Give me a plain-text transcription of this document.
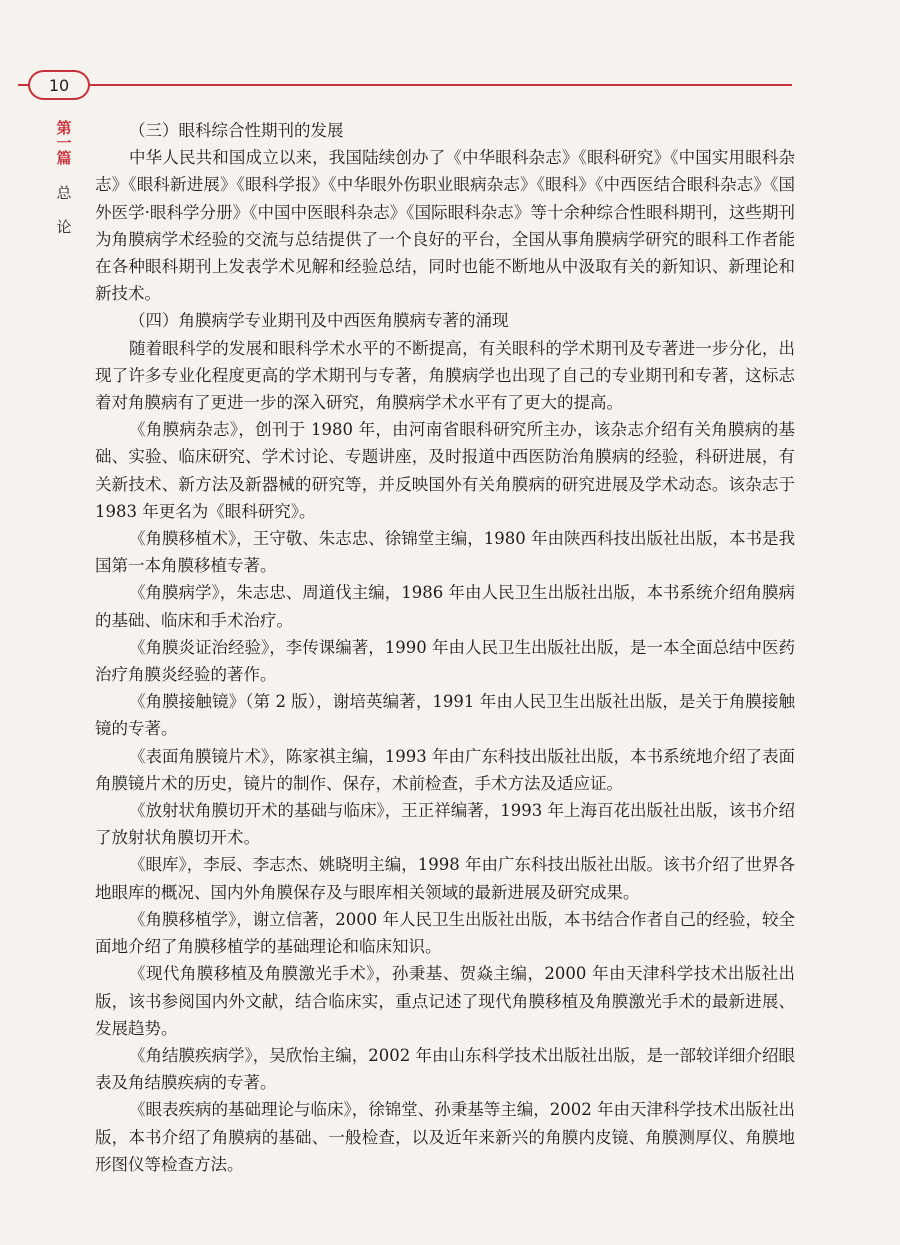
10
第一篇
总
论

（三）眼科综合性期刊的发展

中华人民共和国成立以来，我国陆续创办了《中华眼科杂志》《眼科研究》《中国实用眼科杂志》《眼科新进展》《眼科学报》《中华眼外伤职业眼病杂志》《眼科》《中西医结合眼科杂志》《国外医学·眼科学分册》《中国中医眼科杂志》《国际眼科杂志》等十余种综合性眼科期刊，这些期刊为角膜病学术经验的交流与总结提供了一个良好的平台，全国从事角膜病学研究的眼科工作者能在各种眼科期刊上发表学术见解和经验总结，同时也能不断地从中汲取有关的新知识、新理论和新技术。

（四）角膜病学专业期刊及中西医角膜病专著的涌现

随着眼科学的发展和眼科学术水平的不断提高，有关眼科的学术期刊及专著进一步分化，出现了许多专业化程度更高的学术期刊与专著，角膜病学也出现了自己的专业期刊和专著，这标志着对角膜病有了更进一步的深入研究，角膜病学术水平有了更大的提高。

《角膜病杂志》，创刊于 1980 年，由河南省眼科研究所主办，该杂志介绍有关角膜病的基础、实验、临床研究、学术讨论、专题讲座，及时报道中西医防治角膜病的经验，科研进展，有关新技术、新方法及新器械的研究等，并反映国外有关角膜病的研究进展及学术动态。该杂志于 1983 年更名为《眼科研究》。

《角膜移植术》，王守敬、朱志忠、徐锦堂主编，1980 年由陕西科技出版社出版，本书是我国第一本角膜移植专著。

《角膜病学》，朱志忠、周道伐主编，1986 年由人民卫生出版社出版，本书系统介绍角膜病的基础、临床和手术治疗。

《角膜炎证治经验》，李传课编著，1990 年由人民卫生出版社出版，是一本全面总结中医药治疗角膜炎经验的著作。

《角膜接触镜》（第 2 版），谢培英编著，1991 年由人民卫生出版社出版，是关于角膜接触镜的专著。

《表面角膜镜片术》，陈家祺主编，1993 年由广东科技出版社出版，本书系统地介绍了表面角膜镜片术的历史，镜片的制作、保存，术前检查，手术方法及适应证。

《放射状角膜切开术的基础与临床》，王正祥编著，1993 年上海百花出版社出版，该书介绍了放射状角膜切开术。

《眼库》，李辰、李志杰、姚晓明主编，1998 年由广东科技出版社出版。该书介绍了世界各地眼库的概况、国内外角膜保存及与眼库相关领域的最新进展及研究成果。

《角膜移植学》，谢立信著，2000 年人民卫生出版社出版，本书结合作者自己的经验，较全面地介绍了角膜移植学的基础理论和临床知识。

《现代角膜移植及角膜激光手术》，孙秉基、贺焱主编，2000 年由天津科学技术出版社出版，该书参阅国内外文献，结合临床实，重点记述了现代角膜移植及角膜激光手术的最新进展、发展趋势。

《角结膜疾病学》，吴欣怡主编，2002 年由山东科学技术出版社出版，是一部较详细介绍眼表及角结膜疾病的专著。

《眼表疾病的基础理论与临床》，徐锦堂、孙秉基等主编，2002 年由天津科学技术出版社出版，本书介绍了角膜病的基础、一般检查，以及近年来新兴的角膜内皮镜、角膜测厚仪、角膜地形图仪等检查方法。
